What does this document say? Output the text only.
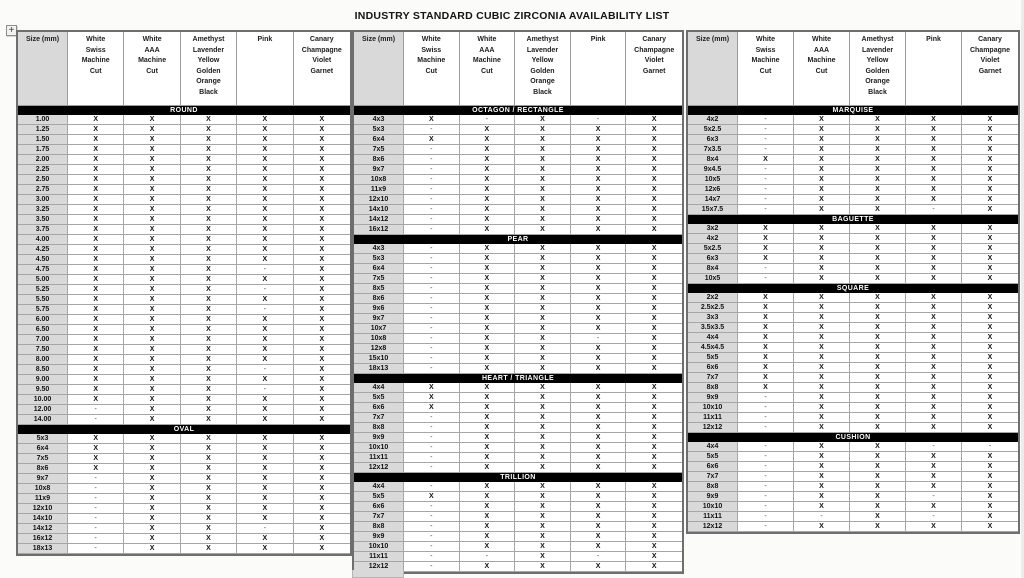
INDUSTRY STANDARD CUBIC ZIRCONIA AVAILABILITY LIST
+
Size (mm)	White
Swiss
Machine
Cut
White
AAA
Machine
Cut
Amethyst
Lavender
Yellow
Golden
Orange
Black
Pink	Canary
Champagne
Violet
Garnet
ROUND
1.00	X	X	X	X	X
1.25	X	X	X	X	X
1.50	X	X	X	X	X
1.75	X	X	X	X	X
2.00	X	X	X	X	X
2.25	X	X	X	X	X
2.50	X	X	X	X	X
2.75	X	X	X	X	X
3.00	X	X	X	X	X
3.25	X	X	X	X	X
3.50	X	X	X	X	X
3.75	X	X	X	X	X
4.00	X	X	X	X	X
4.25	X	X	X	X	X
4.50	X	X	X	X	X
4.75	X	X	X	-	X
5.00	X	X	X	X	X
5.25	X	X	X	-	X
5.50	X	X	X	X	X
5.75	X	X	X	-	X
6.00	X	X	X	X	X
6.50	X	X	X	X	X
7.00	X	X	X	X	X
7.50	X	X	X	X	X
8.00	X	X	X	X	X
8.50	X	X	X	-	X
9.00	X	X	X	X	X
9.50	X	X	X	-	X
10.00	X	X	X	X	X
12.00	-	X	X	X	X
14.00	-	X	X	X	X
OVAL
5x3	X	X	X	X	X
6x4	X	X	X	X	X
7x5	X	X	X	X	X
8x6	X	X	X	X	X
9x7	-	X	X	X	X
10x8	-	X	X	X	X
11x9	-	X	X	X	X
12x10	-	X	X	X	X
14x10	-	X	X	X	X
14x12	-	X	X	-	X
16x12	-	X	X	X	X
18x13	-	X	X	X	X
Size (mm)	White
Swiss
Machine
Cut
White
AAA
Machine
Cut
Amethyst
Lavender
Yellow
Golden
Orange
Black
Pink	Canary
Champagne
Violet
Garnet
OCTAGON / RECTANGLE
4x3	X	-	X	-	X
5x3	-	X	X	X	X
6x4	X	X	X	X	X
7x5	-	X	X	X	X
8x6	-	X	X	X	X
9x7	-	X	X	X	X
10x8	-	X	X	X	X
11x9	-	X	X	X	X
12x10	-	X	X	X	X
14x10	-	X	X	X	X
14x12	-	X	X	X	X
16x12	-	X	X	X	X
PEAR
4x3	-	X	X	X	X
5x3	-	X	X	X	X
6x4	-	X	X	X	X
7x5	-	X	X	X	X
8x5	-	X	X	X	X
8x6	-	X	X	X	X
9x6	-	X	X	X	X
9x7	-	X	X	X	X
10x7	-	X	X	X	X
10x8	-	X	X	-	X
12x8	-	X	X	X	X
15x10	-	X	X	X	X
18x13	-	X	X	X	X
HEART / TRIANGLE
4x4	X	X	X	X	X
5x5	X	X	X	X	X
6x6	X	X	X	X	X
7x7	-	X	X	X	X
8x8	-	X	X	X	X
9x9	-	X	X	X	X
10x10	-	X	X	X	X
11x11	-	X	X	X	X
12x12	-	X	X	X	X
TRILLION
4x4	-	X	X	X	X
5x5	X	X	X	X	X
6x6	-	X	X	X	X
7x7	-	X	X	X	X
8x8	-	X	X	X	X
9x9	-	X	X	X	X
10x10	-	X	X	X	X
11x11	-	-	X	-	X
12x12	-	X	X	X	X
Size (mm)	White
Swiss
Machine
Cut
White
AAA
Machine
Cut
Amethyst
Lavender
Yellow
Golden
Orange
Black
Pink	Canary
Champagne
Violet
Garnet
MARQUISE
4x2	-	X	X	X	X
5x2.5	-	X	X	X	X
6x3	-	X	X	X	X
7x3.5	-	X	X	X	X
8x4	X	X	X	X	X
9x4.5	-	X	X	X	X
10x5	-	X	X	X	X
12x6	-	X	X	X	X
14x7	-	X	X	X	X
15x7.5	-	X	X	-	X
BAGUETTE
3x2	X	X	X	X	X
4x2	X	X	X	X	X
5x2.5	X	X	X	X	X
6x3	X	X	X	X	X
8x4	-	X	X	X	X
10x5	-	X	X	X	X
SQUARE
2x2	X	X	X	X	X
2.5x2.5	X	X	X	X	X
3x3	X	X	X	X	X
3.5x3.5	X	X	X	X	X
4x4	X	X	X	X	X
4.5x4.5	X	X	X	X	X
5x5	X	X	X	X	X
6x6	X	X	X	X	X
7x7	X	X	X	X	X
8x8	X	X	X	X	X
9x9	-	X	X	X	X
10x10	-	X	X	X	X
11x11	-	X	X	X	X
12x12	-	X	X	X	X
CUSHION
4x4	-	X	X	-	-
5x5	-	X	X	X	X
6x6	-	X	X	X	X
7x7	-	X	X	X	X
8x8	-	X	X	X	X
9x9	-	X	X	-	X
10x10	-	X	X	X	X
11x11	-	-	X	-	X
12x12	-	X	X	X	X
